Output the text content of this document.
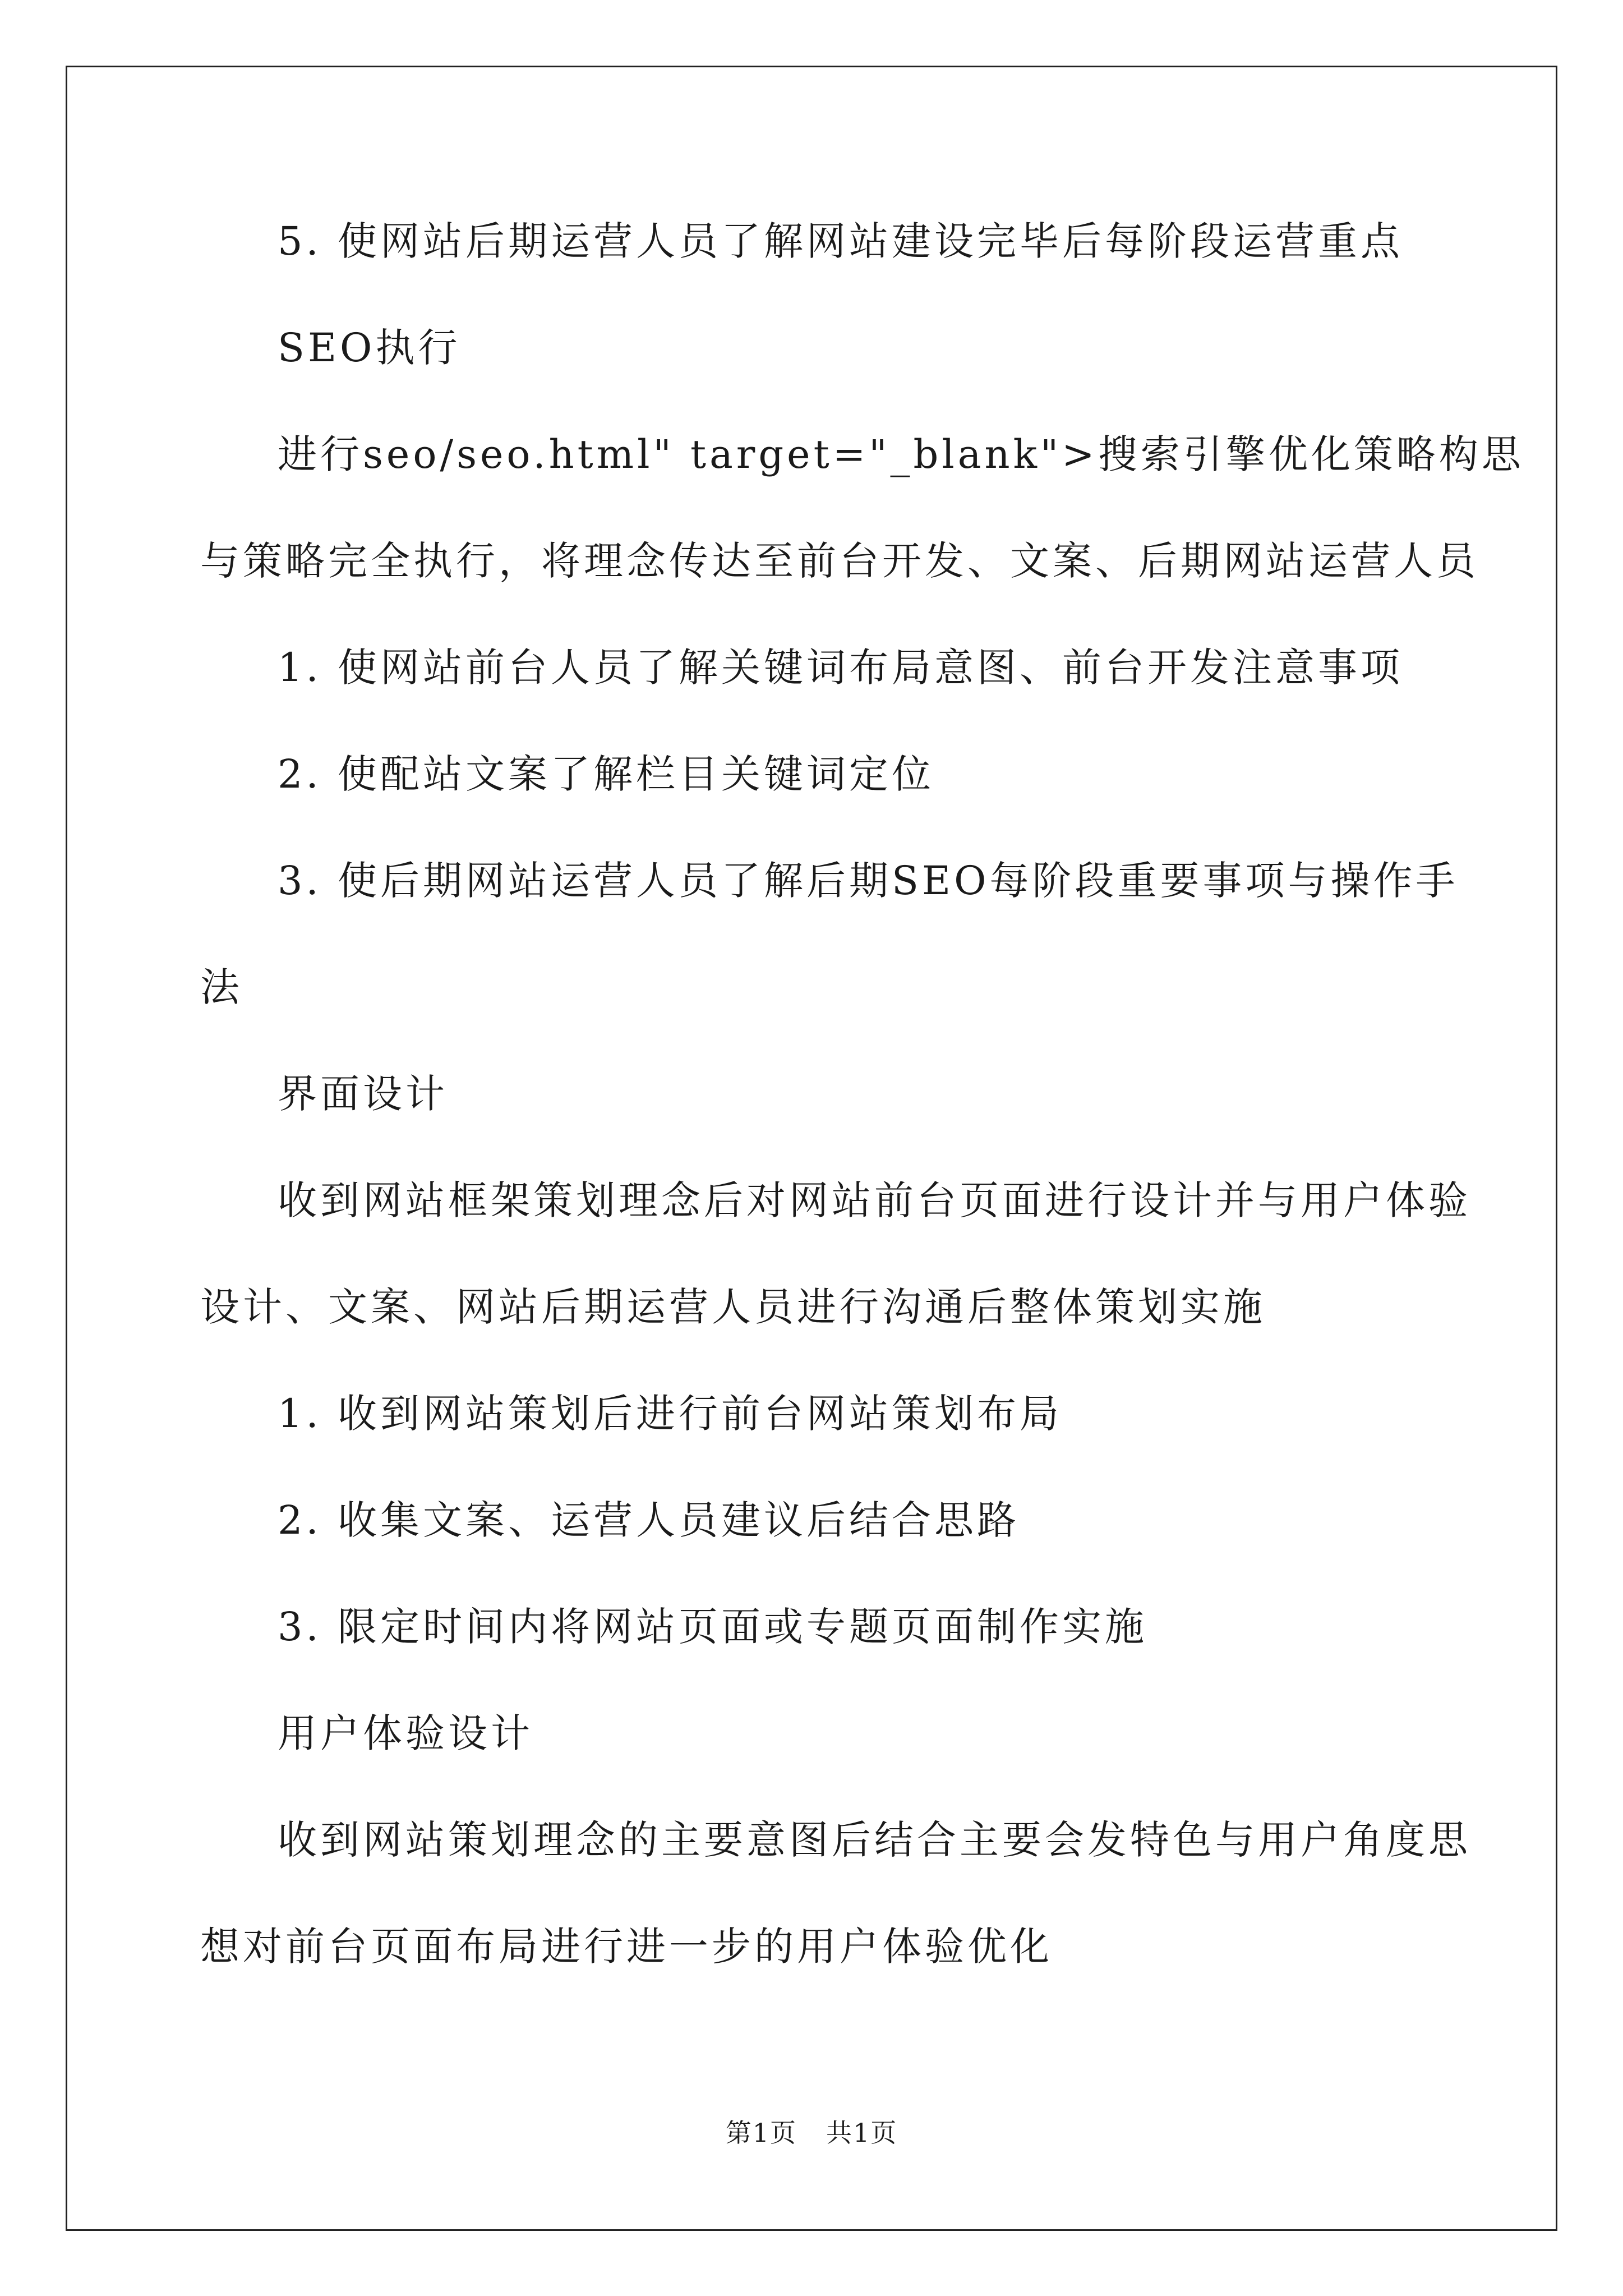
5. 使网站后期运营人员了解网站建设完毕后每阶段运营重点
SEO执行
进行seo/seo.html" target="_blank">搜索引擎优化策略构思
与策略完全执行，将理念传达至前台开发、文案、后期网站运营人员
1. 使网站前台人员了解关键词布局意图、前台开发注意事项
2. 使配站文案了解栏目关键词定位
3. 使后期网站运营人员了解后期SEO每阶段重要事项与操作手
法
界面设计
收到网站框架策划理念后对网站前台页面进行设计并与用户体验
设计、文案、网站后期运营人员进行沟通后整体策划实施
1. 收到网站策划后进行前台网站策划布局
2. 收集文案、运营人员建议后结合思路
3. 限定时间内将网站页面或专题页面制作实施
用户体验设计
收到网站策划理念的主要意图后结合主要会发特色与用户角度思
想对前台页面布局进行进一步的用户体验优化
第1页 共1页
